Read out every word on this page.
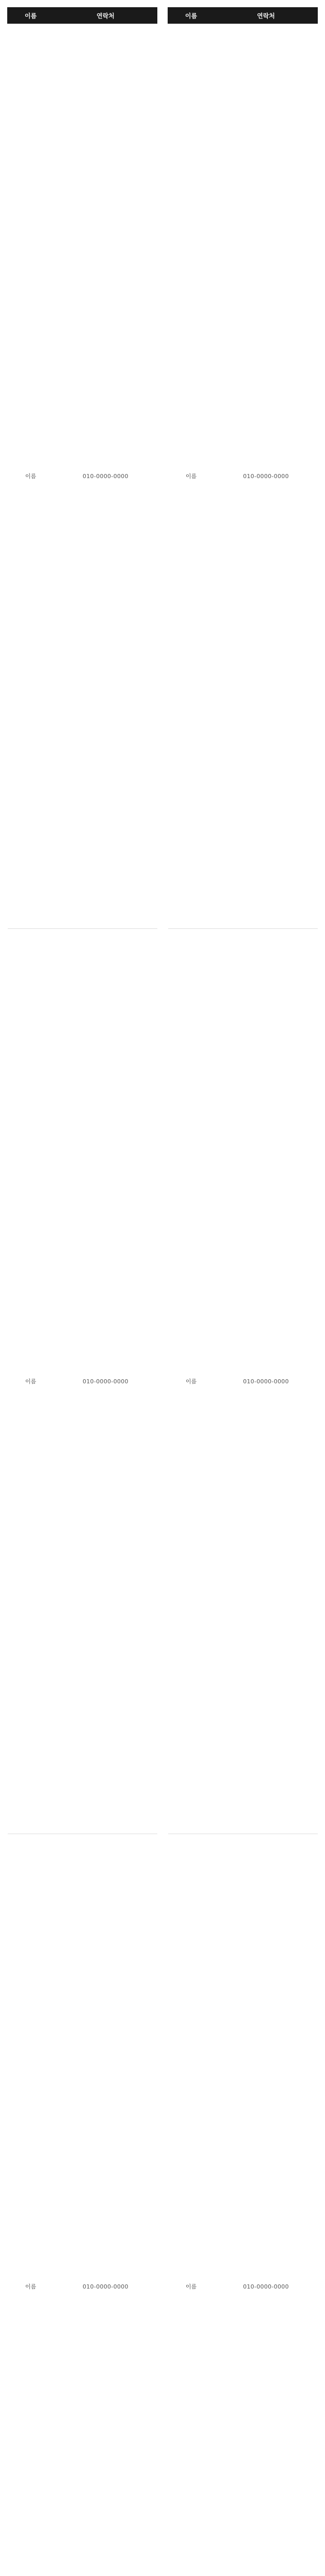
이름	연락처
이름	010-0000-0000
이름	010-0000-0000
이름	010-0000-0000
이름	연락처
이름	010-0000-0000
이름	010-0000-0000
이름	010-0000-0000
